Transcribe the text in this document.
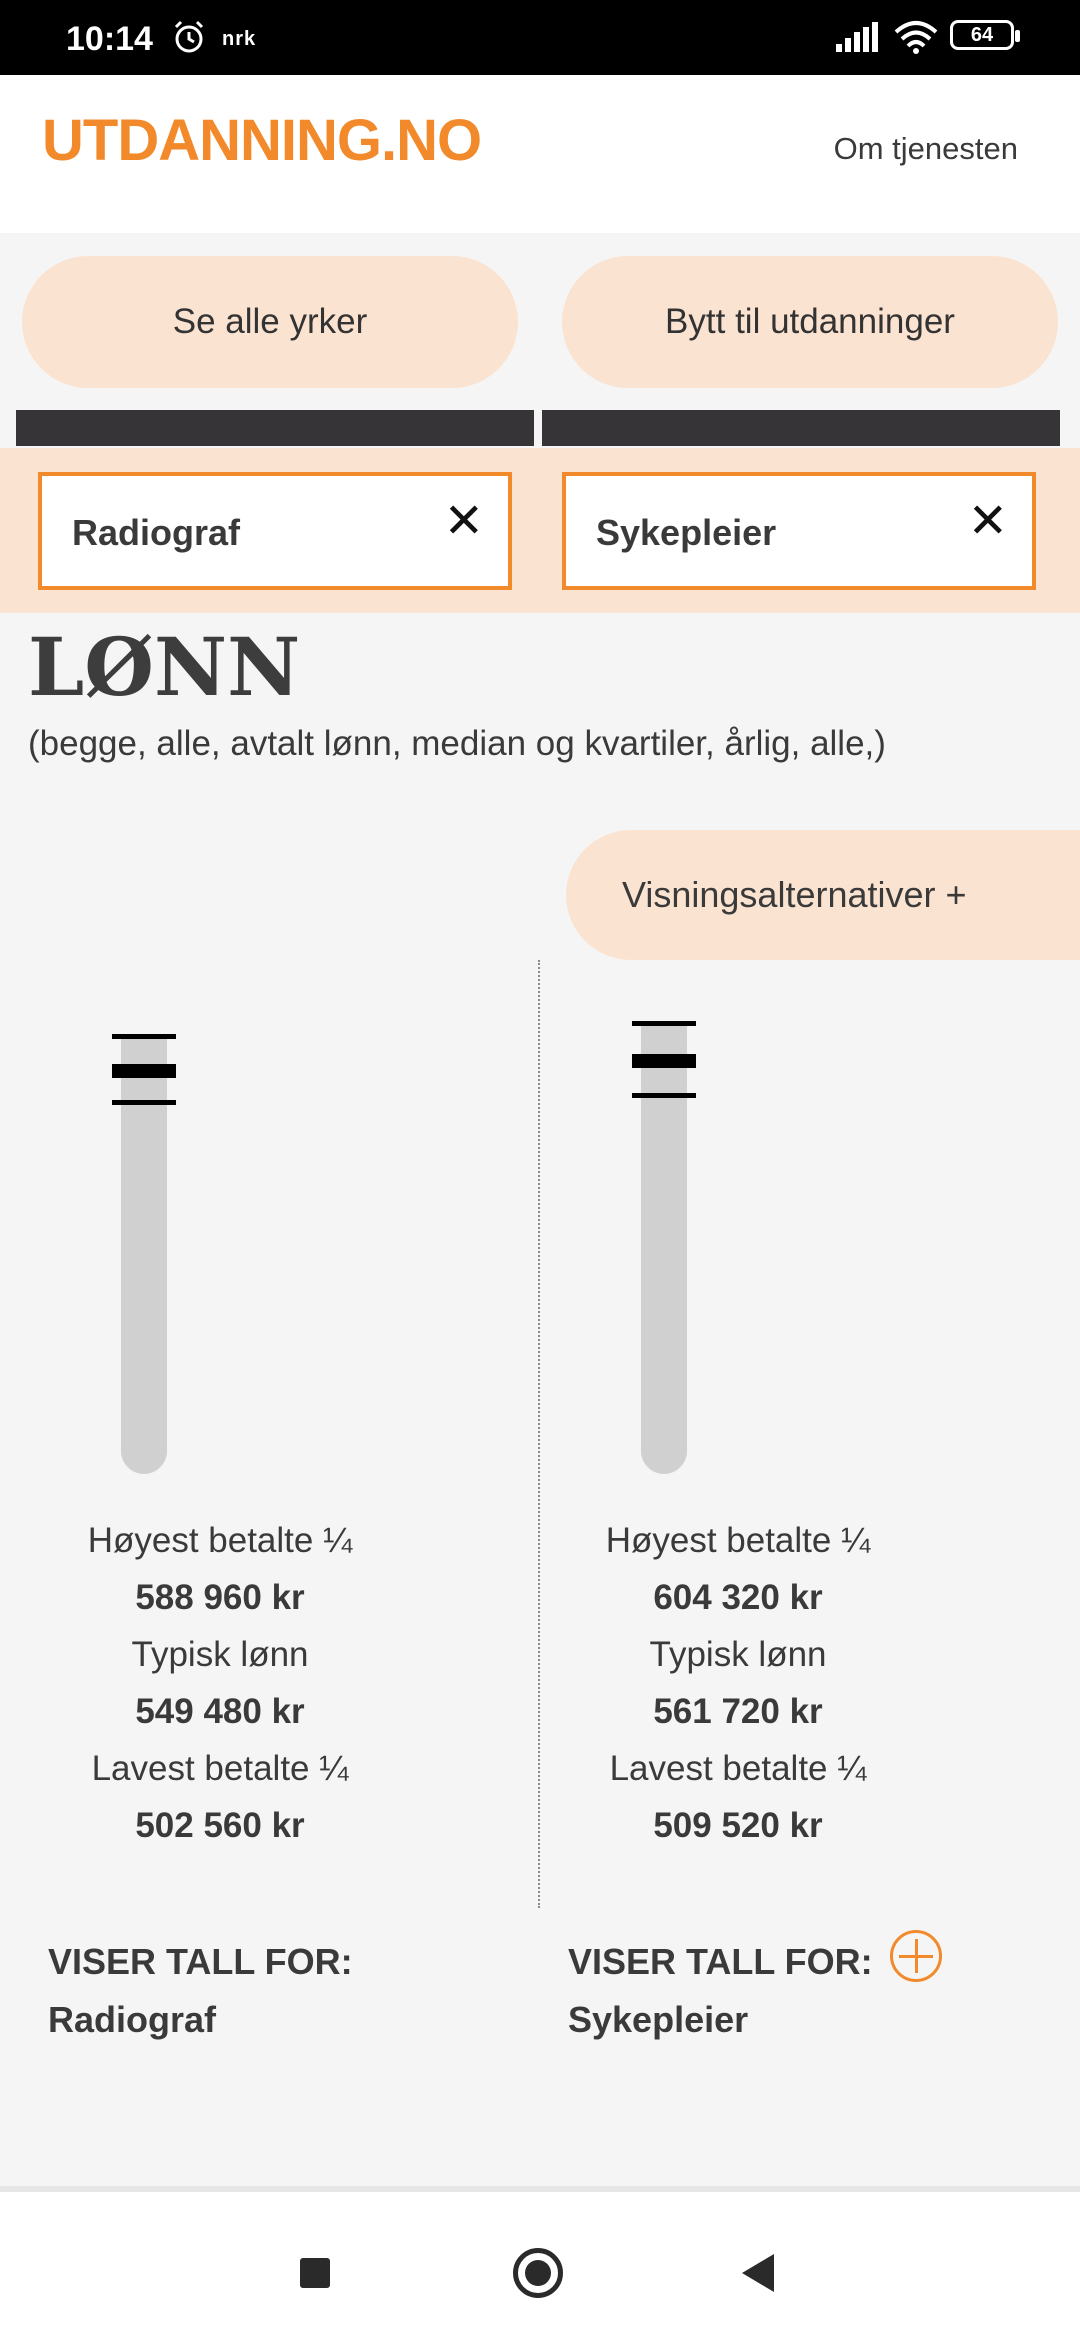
10:14	nrk	64
UTDANNING.NO	Om tjenesten
Se alle yrker	Bytt til utdanninger
Radiograf	✕	Sykepleier	✕
LØNN
(begge, alle, avtalt lønn, median og kvartiler, årlig, alle,)
Visningsalternativer +
Høyest betalte ¼
588 960 kr
Typisk lønn
549 480 kr
Lavest betalte ¼
502 560 kr
Høyest betalte ¼
604 320 kr
Typisk lønn
561 720 kr
Lavest betalte ¼
509 520 kr
VISER TALL FOR:
Radiograf
VISER TALL FOR:
Sykepleier
